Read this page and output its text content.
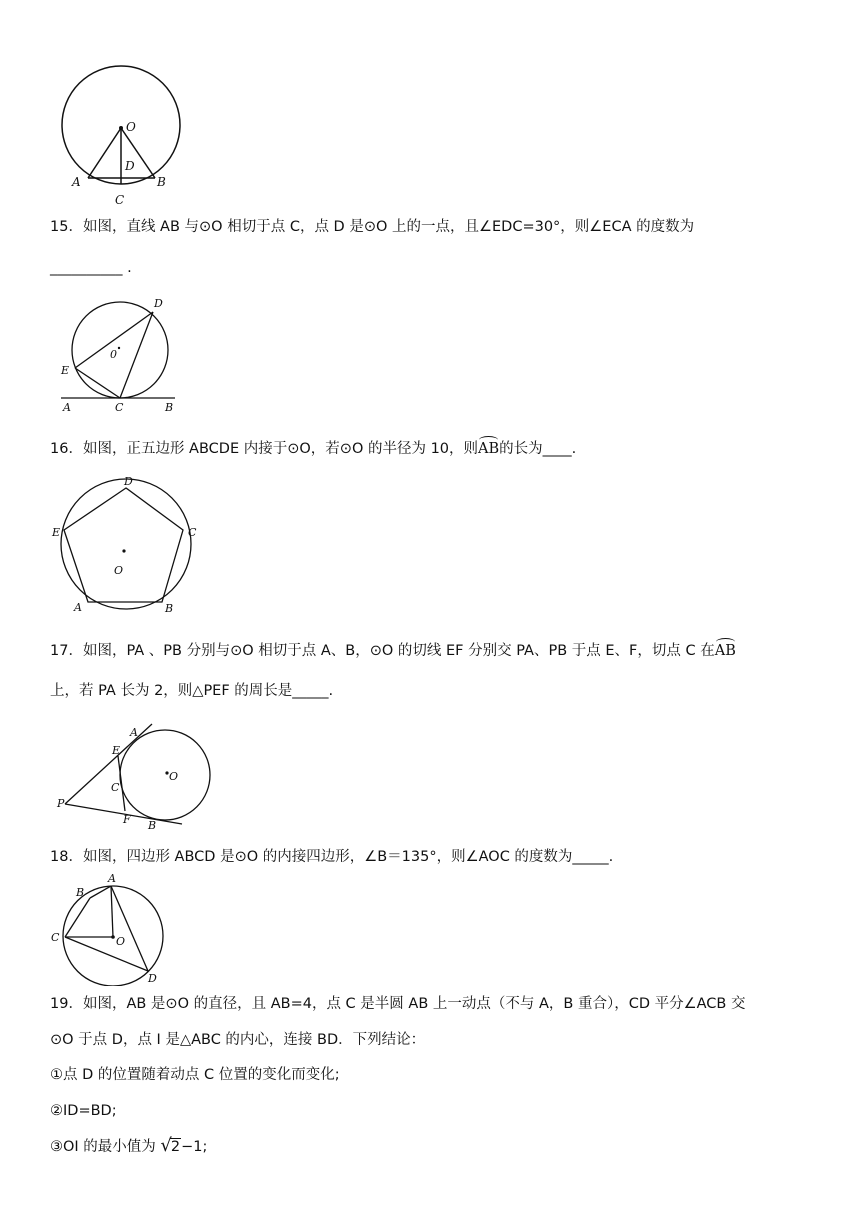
O
D
A	B
C
15．如图，直线 AB 与⊙O 相切于点 C，点 D 是⊙O 上的一点，且∠EDC=30°，则∠ECA 的度数为
__________ .
D
0
E
A	C	B
16．如图，正五边形 ABCDE 内接于⊙O，若⊙O 的半径为 10，则AB的长为____.
D
E	C
O
A	B
17．如图，PA 、PB 分别与⊙O 相切于点 A、B，⊙O 的切线 EF 分别交 PA、PB 于点 E、F，切点 C 在AB
上，若 PA 长为 2，则△PEF 的周长是_____.
A
E
C
O
P
F B
18．如图，四边形 ABCD 是⊙O 的内接四边形，∠B＝135°，则∠AOC 的度数为_____.
A
B
C	O
D
19．如图，AB 是⊙O 的直径，且 AB=4，点 C 是半圆 AB 上一动点（不与 A，B 重合），CD 平分∠ACB 交
⊙O 于点 D，点 I 是△ABC 的内心，连接 BD．下列结论：
①点 D 的位置随着动点 C 位置的变化而变化;
②ID=BD;
③OI 的最小值为 √2−1;
